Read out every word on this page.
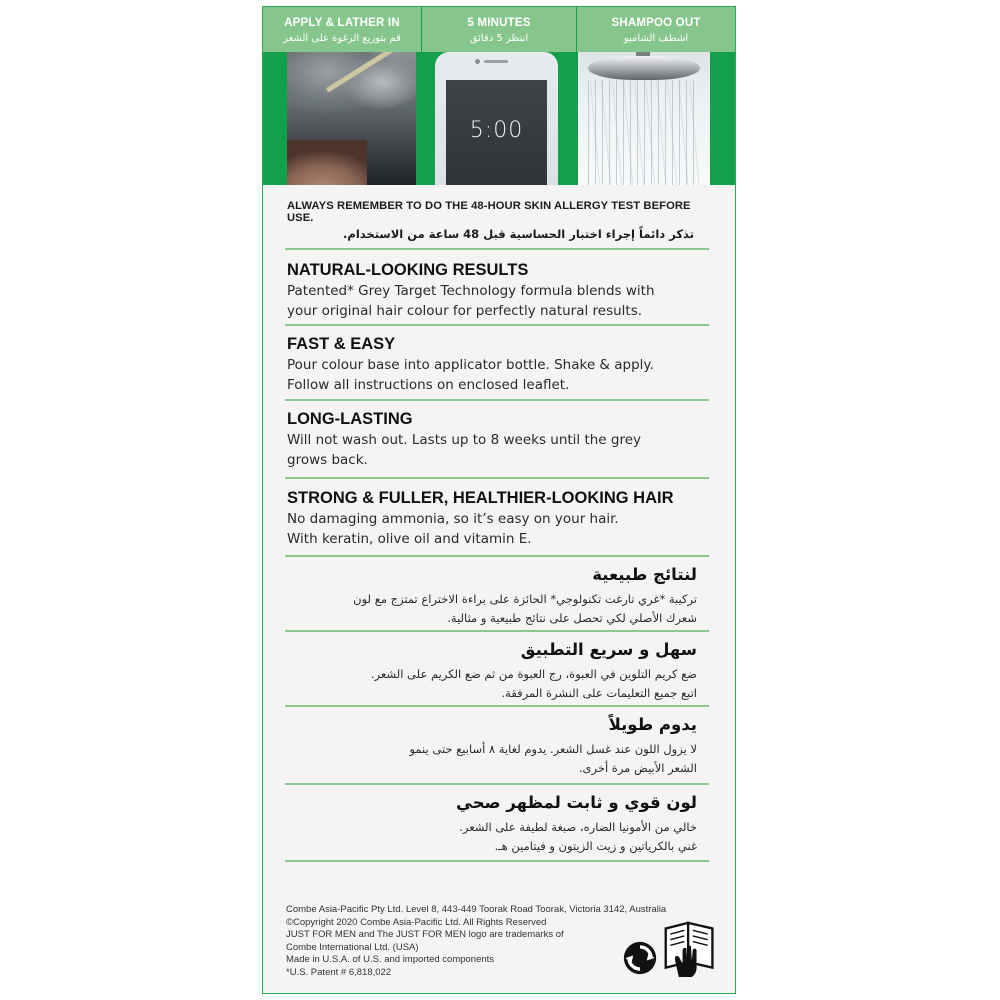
APPLY & LATHER IN
قم بتوزيع الرغوة على الشعر
5 MINUTES
انتظر 5 دقائق
SHAMPOO OUT
اشطف الشامبو
5:00
ALWAYS REMEMBER TO DO THE 48-HOUR SKIN ALLERGY TEST BEFORE USE.
تذكر دائماً إجراء اختبار الحساسية قبل 48 ساعة من الاستخدام.
NATURAL-LOOKING RESULTS

Patented* Grey Target Technology formula blends with
your original hair colour for perfectly natural results.

FAST & EASY

Pour colour base into applicator bottle. Shake & apply.
Follow all instructions on enclosed leaflet.

LONG-LASTING

Will not wash out. Lasts up to 8 weeks until the grey
grows back.

STRONG & FULLER, HEALTHIER-LOOKING HAIR

No damaging ammonia, so it’s easy on your hair.
With keratin, olive oil and vitamin E.

لنتائج طبيعية

تركيبة *غري تارغت تكنولوجي* الحائزة على براءة الاختراع تمتزج مع لون
شعرك الأصلي لكي تحصل على نتائج طبيعية و مثالية.

سهل و سريع التطبيق

ضع كريم التلوين في العبوة، رج العبوة من ثم ضع الكريم على الشعر.
اتبع جميع التعليمات على النشرة المرفقة.

يدوم طويلاً

لا يزول اللون عند غسل الشعر. يدوم لغاية ٨ أسابيع حتى ينمو
الشعر الأبيض مرة أخرى.

لون قوي و ثابت لمظهر صحي

خالي من الأمونيا الضاره، صبغة لطيفة على الشعر.
غني بالكرياتين و زيت الزيتون و فيتامين هـ.

Combe Asia-Pacific Pty Ltd. Level 8, 443-449 Toorak Road Toorak, Victoria 3142, Australia
©Copyright 2020 Combe Asia-Pacific Ltd. All Rights Reserved
JUST FOR MEN and The JUST FOR MEN logo are trademarks of
Combe International Ltd. (USA)
Made in U.S.A. of U.S. and imported components
*U.S. Patent # 6,818,022
